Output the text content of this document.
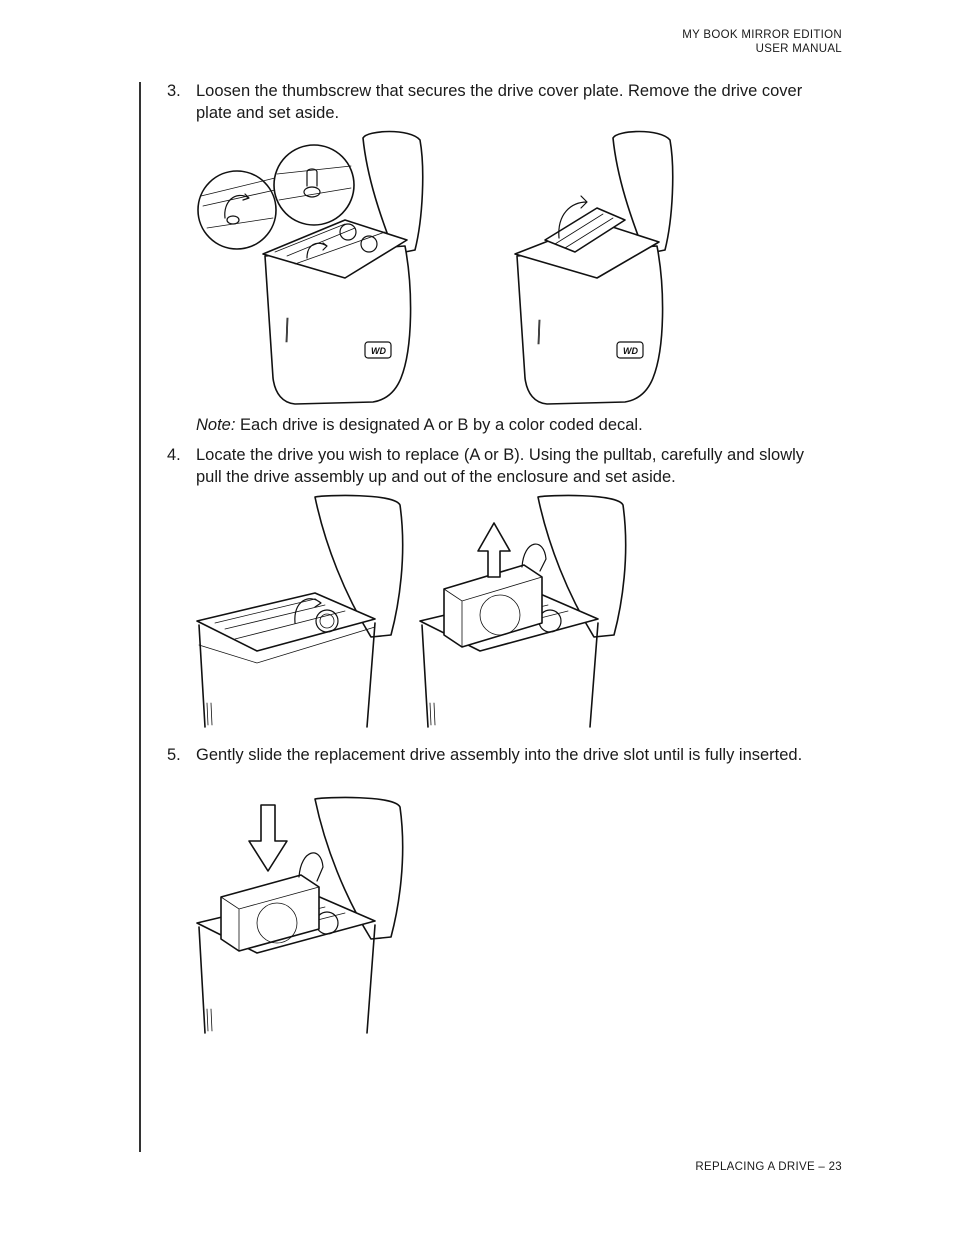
MY BOOK MIRROR EDITION
USER MANUAL
3. Loosen the thumbscrew that secures the drive cover plate. Remove the drive cover plate and set aside.
WD	WD
Note: Each drive is designated A or B by a color coded decal.
4. Locate the drive you wish to replace (A or B). Using the pulltab, carefully and slowly pull the drive assembly up and out of the enclosure and set aside.
5. Gently slide the replacement drive assembly into the drive slot until is fully inserted.
REPLACING A DRIVE – 23
